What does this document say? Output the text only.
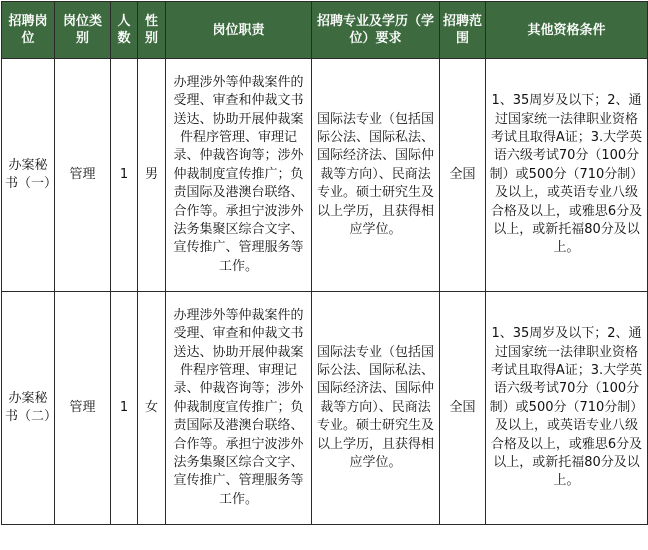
招聘岗位	岗位类别	人数	性别	岗位职责	招聘专业及学历（学位）要求	招聘范围	其他资格条件
办案秘书（一）	管理	1	男	办理涉外等仲裁案件的受理、审查和仲裁文书送达、协助开展仲裁案件程序管理、审理记录、仲裁咨询等；涉外仲裁制度宣传推广；负责国际及港澳台联络、合作等。承担宁波涉外法务集聚区综合文字、宣传推广、管理服务等工作。	国际法专业（包括国际公法、国际私法、国际经济法、国际仲裁等方向）、民商法专业。硕士研究生及以上学历，且获得相应学位。	全国	1、35周岁及以下；2、通过国家统一法律职业资格考试且取得A证；3.大学英语六级考试70分（100分制）或500分（710分制）及以上，或英语专业八级合格及以上，或雅思6分及以上，或新托福80分及以上。
办案秘书（二）	管理	1	女	办理涉外等仲裁案件的受理、审查和仲裁文书送达、协助开展仲裁案件程序管理、审理记录、仲裁咨询等；涉外仲裁制度宣传推广；负责国际及港澳台联络、合作等。承担宁波涉外法务集聚区综合文字、宣传推广、管理服务等工作。	国际法专业（包括国际公法、国际私法、国际经济法、国际仲裁等方向）、民商法专业。硕士研究生及以上学历，且获得相应学位。	全国	1、35周岁及以下；2、通过国家统一法律职业资格考试且取得A证；3.大学英语六级考试70分（100分制）或500分（710分制）及以上，或英语专业八级合格及以上，或雅思6分及以上，或新托福80分及以上。
